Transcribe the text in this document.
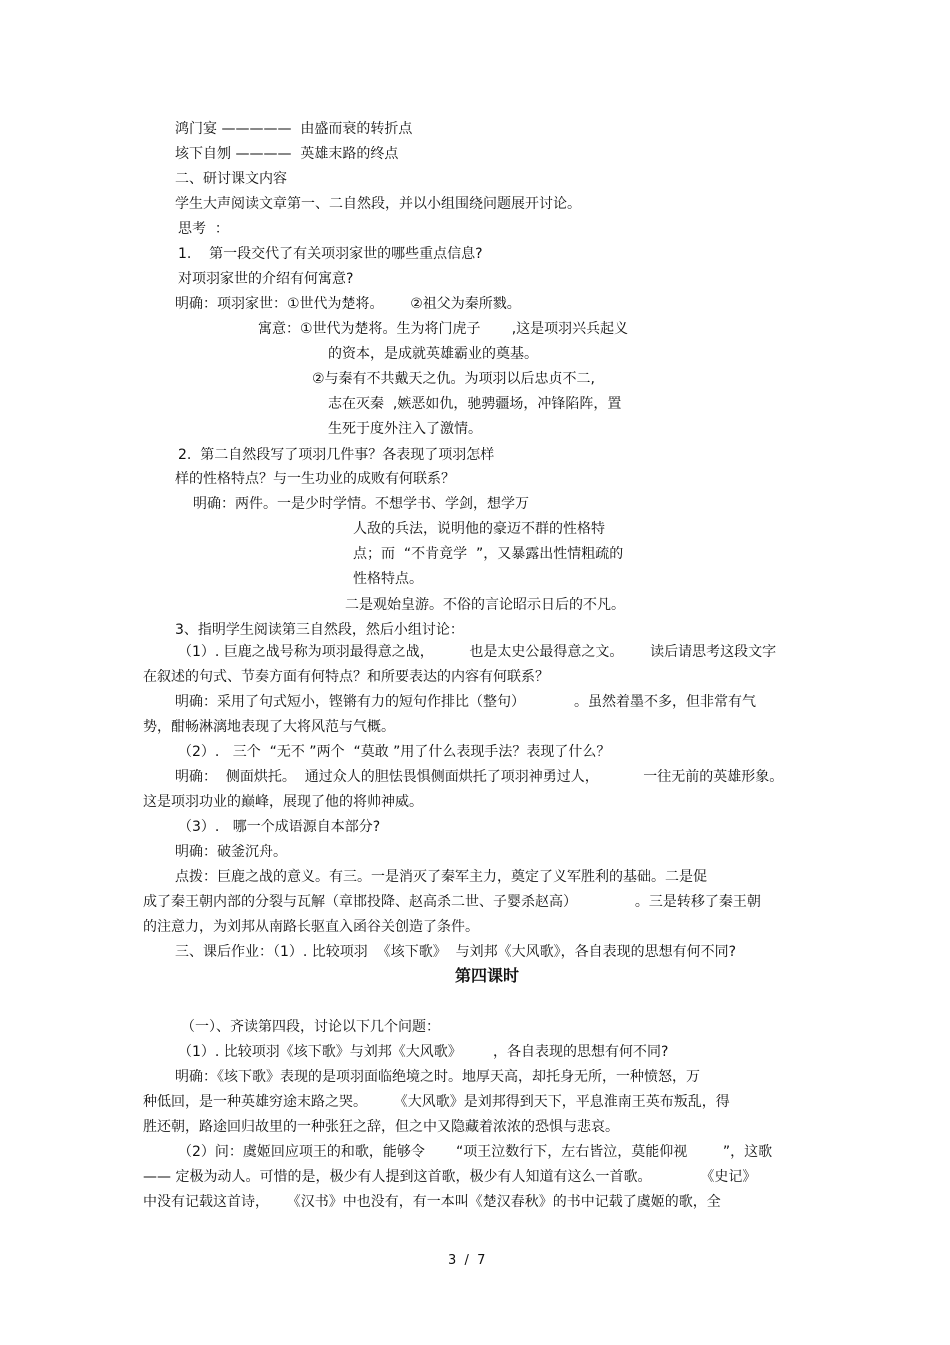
鸿门宴 —————  由盛而衰的转折点
垓下自刎 ————  英雄末路的终点
二、研讨课文内容
学生大声阅读文章第一、二自然段，并以小组围绕问题展开讨论。
思考  ：
1.    第一段交代了有关项羽家世的哪些重点信息?
对项羽家世的介绍有何寓意?
明确：项羽家世：①世代为楚将。      ②祖父为秦所戮。
寓意：①世代为楚将。生为将门虎子       ,这是项羽兴兵起义
的资本，是成就英雄霸业的奠基。
②与秦有不共戴天之仇。为项羽以后忠贞不二,
志在灭秦  ,嫉恶如仇，驰骋疆场，冲锋陷阵，置
生死于度外注入了激情。
2.  第二自然段写了项羽几件事？各表现了项羽怎样
样的性格特点？与一生功业的成败有何联系？
明确：两件。一是少时学情。不想学书、学剑，想学万
人敌的兵法，说明他的豪迈不群的性格特
点；而  “不肯竟学  ”，又暴露出性情粗疏的
性格特点。
二是观始皇游。不俗的言论昭示日后的不凡。
3、指明学生阅读第三自然段，然后小组讨论：
（1）. 巨鹿之战号称为项羽最得意之战，        也是太史公最得意之文。      读后请思考这段文字
在叙述的句式、节奏方面有何特点？和所要表达的内容有何联系？
明确：采用了句式短小，铿锵有力的短句作排比（整句）           。虽然着墨不多，但非常有气
势，酣畅淋漓地表现了大将风范与气概。
（2）.   三个  “无不 ”两个  “莫敢 ”用了什么表现手法？表现了什么？
明确：  侧面烘托。  通过众人的胆怯畏惧侧面烘托了项羽神勇过人，          一往无前的英雄形象。
这是项羽功业的巅峰，展现了他的将帅神威。
（3）.   哪一个成语源自本部分?
明确：破釜沉舟。
点拨：巨鹿之战的意义。有三。一是消灭了秦军主力，奠定了义军胜利的基础。二是促
成了秦王朝内部的分裂与瓦解（章邯投降、赵高杀二世、子婴杀赵高）             。三是转移了秦王朝
的注意力，为刘邦从南路长驱直入函谷关创造了条件。
三、课后作业：（1）. 比较项羽  《垓下歌》  与刘邦《大风歌》，各自表现的思想有何不同?
第四课时
（一）、齐读第四段，讨论以下几个问题：
（1）. 比较项羽《垓下歌》与刘邦《大风歌》       ，各自表现的思想有何不同?
明确：《垓下歌》表现的是项羽面临绝境之时。地厚天高，却托身无所，一种愤怒，万
种低回，是一种英雄穷途末路之哭。      《大风歌》是刘邦得到天下，平息淮南王英布叛乱，得
胜还朝，路途回归故里的一种张狂之辞，但之中又隐藏着浓浓的恐惧与悲哀。
（2）问：虞姬回应项王的和歌，能够令       “项王泣数行下，左右皆泣，莫能仰视        ”，这歌
—— 定极为动人。可惜的是，极少有人提到这首歌，极少有人知道有这么一首歌。           《史记》
中没有记载这首诗，    《汉书》中也没有，有一本叫《楚汉春秋》的书中记载了虞姬的歌，全
3  /  7
